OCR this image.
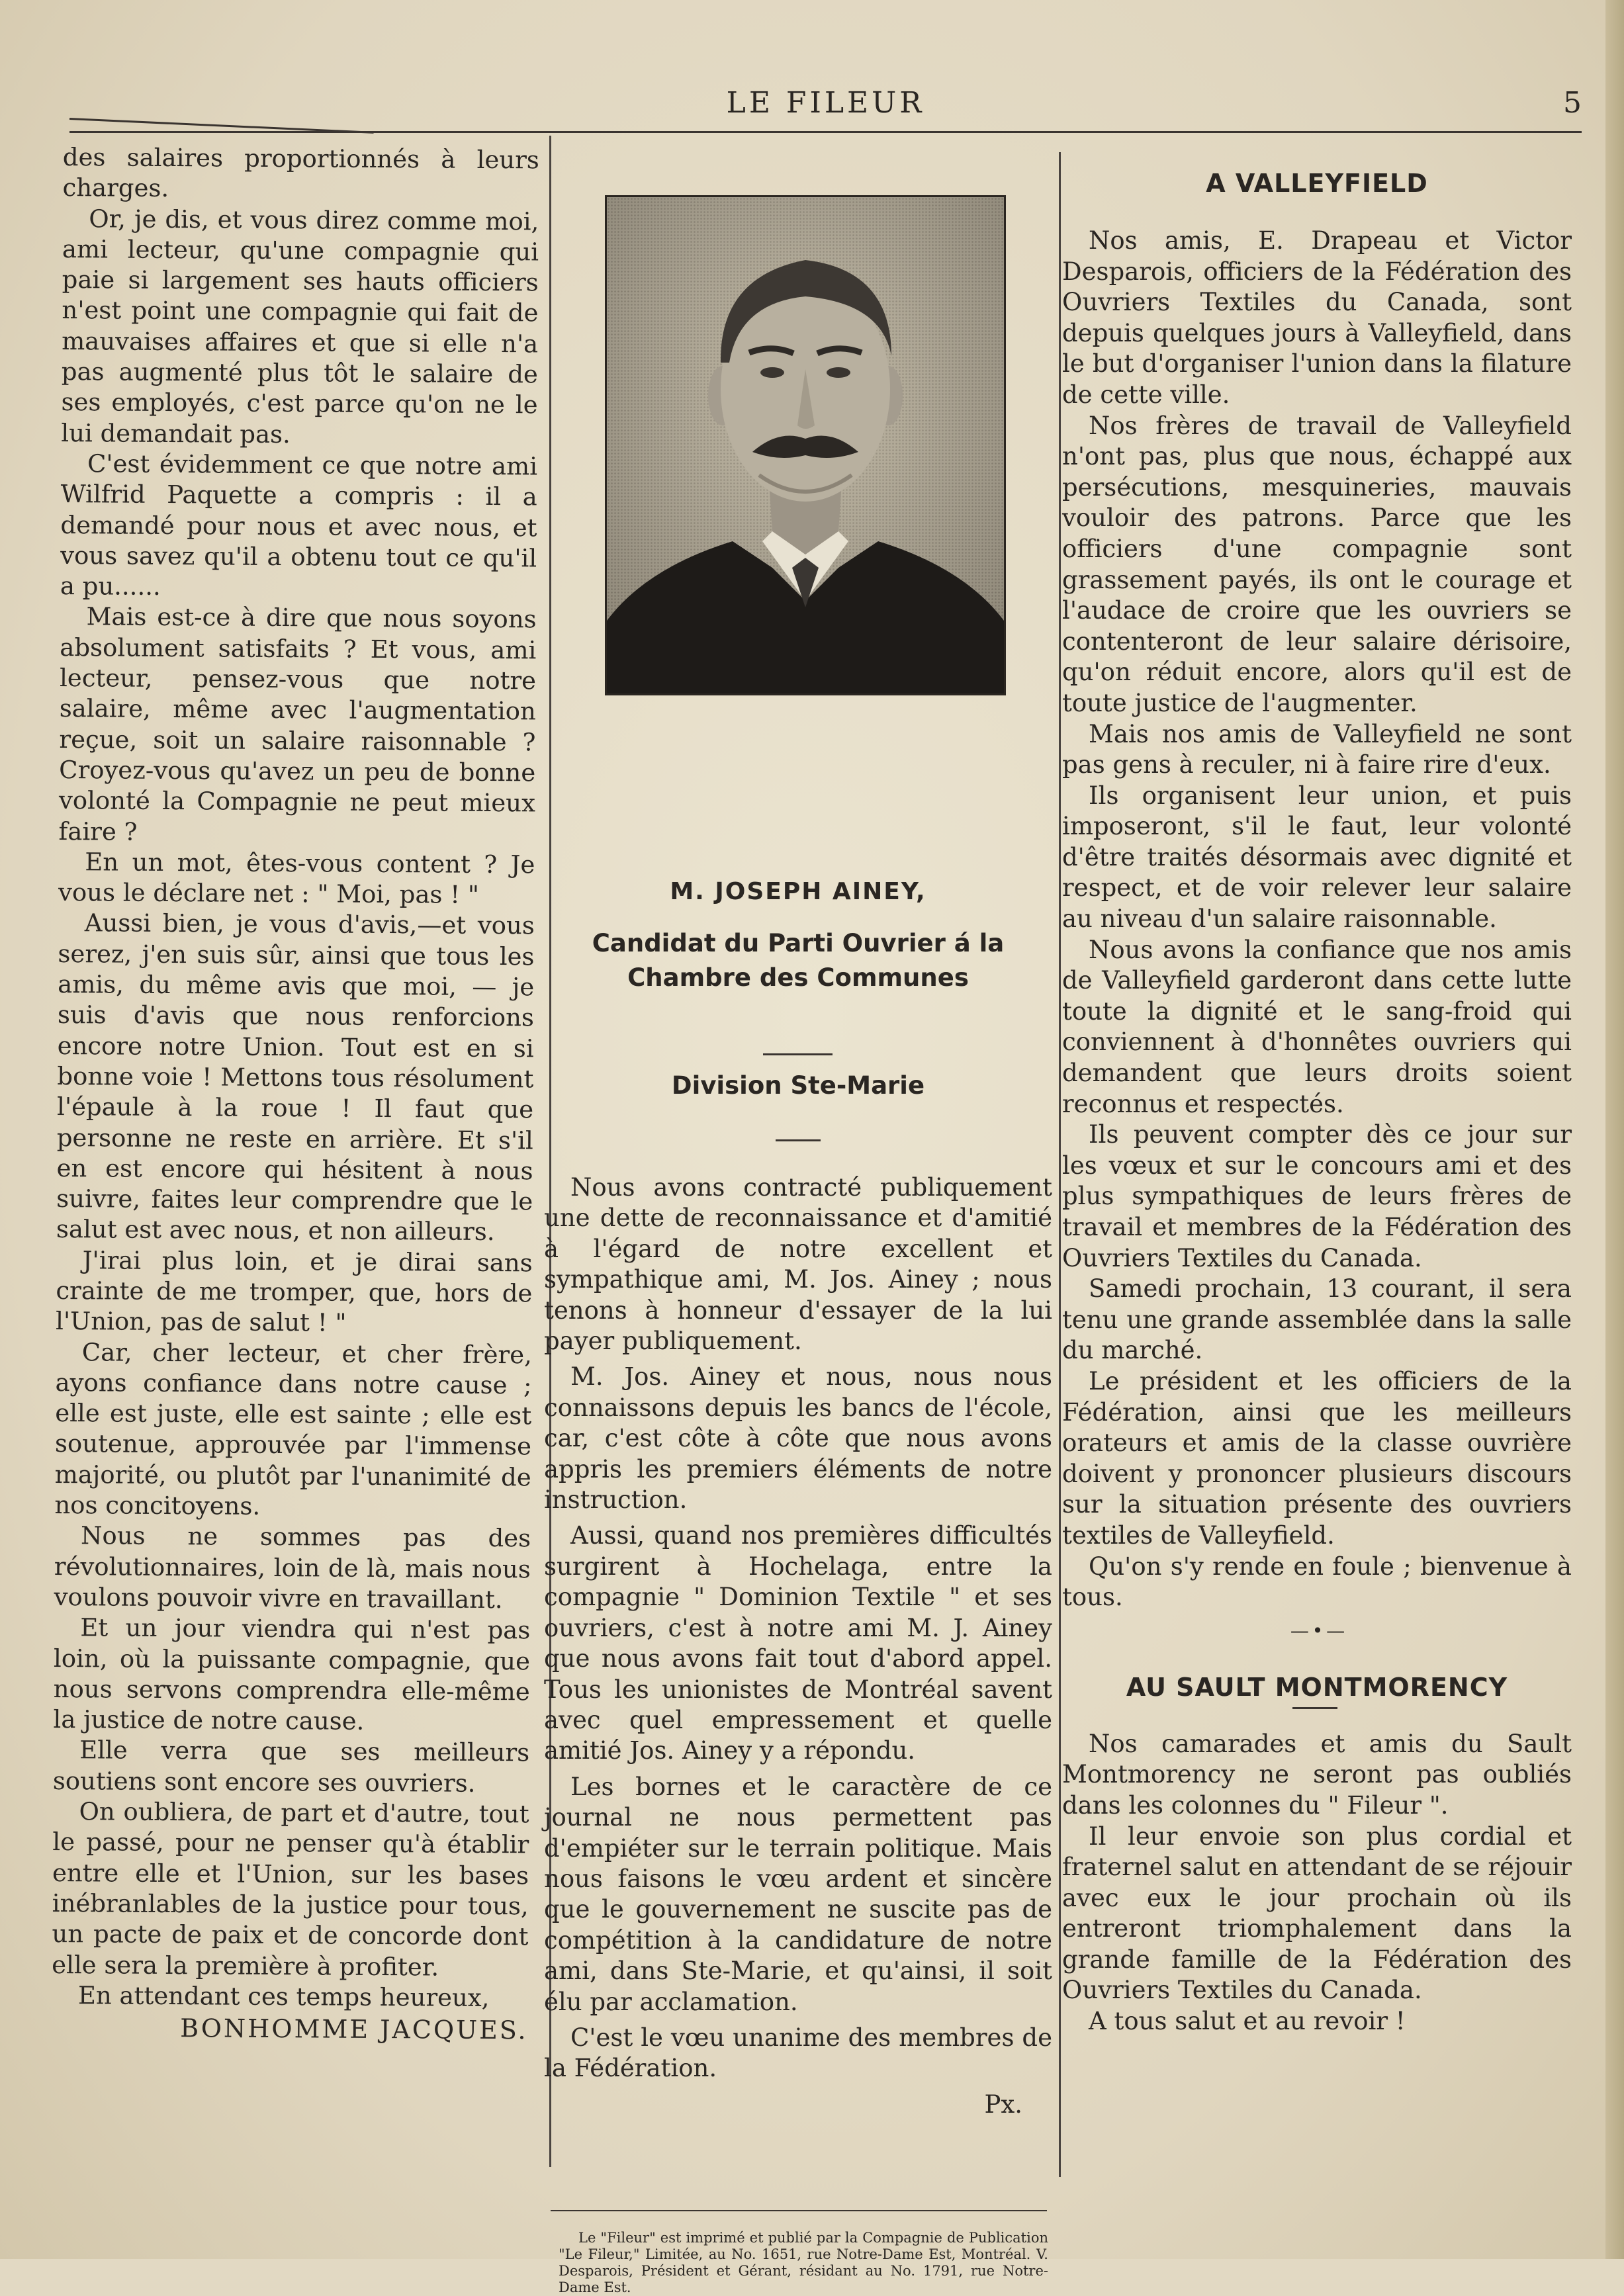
LE FILEUR	5

des salaires proportionnés à leurs charges.

Or, je dis, et vous direz comme moi, ami lecteur, qu'une compagnie qui paie si largement ses hauts officiers n'est point une compagnie qui fait de mauvaises affaires et que si elle n'a pas augmenté plus tôt le salaire de ses employés, c'est parce qu'on ne le lui demandait pas.

C'est évidemment ce que notre ami Wilfrid Paquette a compris : il a demandé pour nous et avec nous, et vous savez qu'il a obtenu tout ce qu'il a pu......

Mais est-ce à dire que nous soyons absolument satisfaits ? Et vous, ami lecteur, pensez-vous que notre salaire, même avec l'augmentation reçue, soit un salaire raisonnable ? Croyez-vous qu'avez un peu de bonne volonté la Compagnie ne peut mieux faire ?

En un mot, êtes-vous content ? Je vous le déclare net : " Moi, pas ! "

Aussi bien, je vous d'avis,—et vous serez, j'en suis sûr, ainsi que tous les amis, du même avis que moi, — je suis d'avis que nous renforcions encore notre Union. Tout est en si bonne voie ! Mettons tous résolument l'épaule à la roue ! Il faut que personne ne reste en arrière. Et s'il en est encore qui hésitent à nous suivre, faites leur comprendre que le salut est avec nous, et non ailleurs.

J'irai plus loin, et je dirai sans crainte de me tromper, que, hors de l'Union, pas de salut ! "

Car, cher lecteur, et cher frère, ayons confiance dans notre cause ; elle est juste, elle est sainte ; elle est soutenue, approuvée par l'immense majorité, ou plutôt par l'unanimité de nos concitoyens.

Nous ne sommes pas des révolutionnaires, loin de là, mais nous voulons pouvoir vivre en travaillant.

Et un jour viendra qui n'est pas loin, où la puissante compagnie, que nous servons comprendra elle-même la justice de notre cause.

Elle verra que ses meilleurs soutiens sont encore ses ouvriers.

On oubliera, de part et d'autre, tout le passé, pour ne penser qu'à établir entre elle et l'Union, sur les bases inébranlables de la justice pour tous, un pacte de paix et de concorde dont elle sera la première à profiter.

En attendant ces temps heureux,

BONHOMME JACQUES.
M. JOSEPH AINEY,
Candidat du Parti Ouvrier á la
Chambre des Communes
Division Ste-Marie

Nous avons contracté publiquement une dette de reconnaissance et d'amitié à l'égard de notre excellent et sympathique ami, M. Jos. Ainey ; nous tenons à honneur d'essayer de la lui payer publiquement.

M. Jos. Ainey et nous, nous nous connaissons depuis les bancs de l'école, car, c'est côte à côte que nous avons appris les premiers éléments de notre instruction.

Aussi, quand nos premières difficultés surgirent à Hochelaga, entre la compagnie " Dominion Textile " et ses ouvriers, c'est à notre ami M. J. Ainey que nous avons fait tout d'abord appel. Tous les unionistes de Montréal savent avec quel empressement et quelle amitié Jos. Ainey y a répondu.

Les bornes et le caractère de ce journal ne nous permettent pas d'empiéter sur le terrain politique. Mais nous faisons le vœu ardent et sincère que le gouvernement ne suscite pas de compétition à la candidature de notre ami, dans Ste-Marie, et qu'ainsi, il soit élu par acclamation.

C'est le vœu unanime des membres de la Fédération.

Px.
Le "Fileur" est imprimé et publié par la Compagnie de Publication "Le Fileur," Limitée, au No. 1651, rue Notre-Dame Est, Montréal. V. Desparois, Président et Gérant, résidant au No. 1791, rue Notre-Dame Est.
A VALLEYFIELD

Nos amis, E. Drapeau et Victor Desparois, officiers de la Fédération des Ouvriers Textiles du Canada, sont depuis quelques jours à Valleyfield, dans le but d'organiser l'union dans la filature de cette ville.

Nos frères de travail de Valleyfield n'ont pas, plus que nous, échappé aux persécutions, mesquineries, mauvais vouloir des patrons. Parce que les officiers d'une compagnie sont grassement payés, ils ont le courage et l'audace de croire que les ouvriers se contenteront de leur salaire dérisoire, qu'on réduit encore, alors qu'il est de toute justice de l'augmenter.

Mais nos amis de Valleyfield ne sont pas gens à reculer, ni à faire rire d'eux.

Ils organisent leur union, et puis imposeront, s'il le faut, leur volonté d'être traités désormais avec dignité et respect, et de voir relever leur salaire au niveau d'un salaire raisonnable.

Nous avons la confiance que nos amis de Valleyfield garderont dans cette lutte toute la dignité et le sang-froid qui conviennent à d'honnêtes ouvriers qui demandent que leurs droits soient reconnus et respectés.

Ils peuvent compter dès ce jour sur les vœux et sur le concours ami et des plus sympathiques de leurs frères de travail et membres de la Fédération des Ouvriers Textiles du Canada.

Samedi prochain, 13 courant, il sera tenu une grande assemblée dans la salle du marché.

Le président et les officiers de la Fédération, ainsi que les meilleurs orateurs et amis de la classe ouvrière doivent y prononcer plusieurs discours sur la situation présente des ouvriers textiles de Valleyfield.

Qu'on s'y rende en foule ; bienvenue à tous.

— • —
AU SAULT MONTMORENCY

Nos camarades et amis du Sault Montmorency ne seront pas oubliés dans les colonnes du " Fileur ".

Il leur envoie son plus cordial et fraternel salut en attendant de se réjouir avec eux le jour prochain où ils entreront triomphalement dans la grande famille de la Fédération des Ouvriers Textiles du Canada.

A tous salut et au revoir !
